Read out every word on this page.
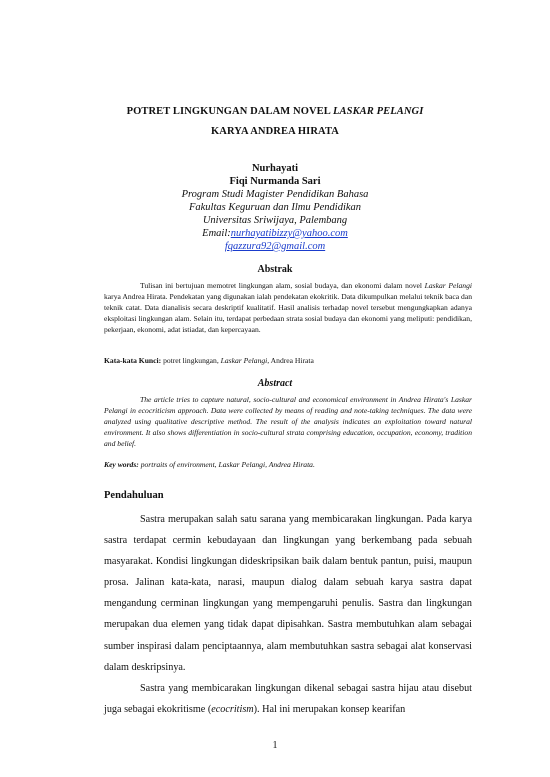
POTRET LINGKUNGAN DALAM NOVEL LASKAR PELANGI
KARYA ANDREA HIRATA
Nurhayati
Fiqi Nurmanda Sari
Program Studi Magister Pendidikan Bahasa
Fakultas Keguruan dan Ilmu Pendidikan
Universitas Sriwijaya, Palembang
Email:nurhayatibizzy@yahoo.com
fqazzura92@gmail.com
Abstrak
Tulisan ini bertujuan memotret lingkungan alam, sosial budaya, dan ekonomi dalam novel Laskar Pelangi karya Andrea Hirata. Pendekatan yang digunakan ialah pendekatan ekokritik. Data dikumpulkan melalui teknik baca dan teknik catat. Data dianalisis secara deskriptif kualitatif. Hasil analisis terhadap novel tersebut mengungkapkan adanya eksploitasi lingkungan alam. Selain itu, terdapat perbedaan strata sosial budaya dan ekonomi yang meliputi: pendidikan, pekerjaan, ekonomi, adat istiadat, dan kepercayaan.
Kata-kata Kunci: potret lingkungan, Laskar Pelangi, Andrea Hirata
Abstract
The article tries to capture natural, socio-cultural and economical environment in Andrea Hirata's Laskar Pelangi in ecocriticism approach. Data were collected by means of reading and note-taking techniques. The data were analyzed using qualitative descriptive method. The result of the analysis indicates an exploitation toward natural environment. It also shows differentiation in socio-cultural strata comprising education, occupation, economy, tradition and belief.
Key words: portraits of environment, Laskar Pelangi, Andrea Hirata.
Pendahuluan
Sastra merupakan salah satu sarana yang membicarakan lingkungan. Pada karya sastra terdapat cermin kebudayaan dan lingkungan yang berkembang pada sebuah masyarakat. Kondisi lingkungan dideskripsikan baik dalam bentuk pantun, puisi, maupun prosa. Jalinan kata-kata, narasi, maupun dialog dalam sebuah karya sastra dapat mengandung cerminan lingkungan yang mempengaruhi penulis. Sastra dan lingkungan merupakan dua elemen yang tidak dapat dipisahkan. Sastra membutuhkan alam sebagai sumber inspirasi dalam penciptaannya, alam membutuhkan sastra sebagai alat konservasi dalam deskripsinya.
Sastra yang membicarakan lingkungan dikenal sebagai sastra hijau atau disebut juga sebagai ekokritisme (ecocritism). Hal ini merupakan konsep kearifan
1
